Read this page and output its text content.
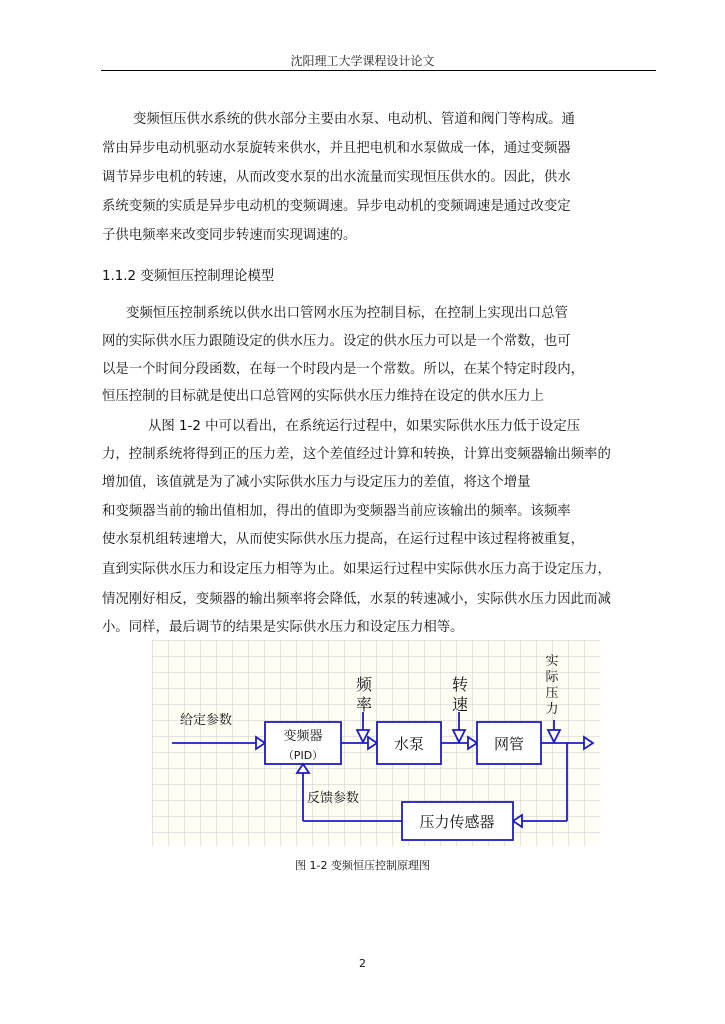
沈阳理工大学课程设计论文
变频恒压供水系统的供水部分主要由水泵、电动机、管道和阀门等构成。通
常由异步电动机驱动水泵旋转来供水，并且把电机和水泵做成一体，通过变频器
调节异步电机的转速，从而改变水泵的出水流量而实现恒压供水的。因此，供水
系统变频的实质是异步电动机的变频调速。异步电动机的变频调速是通过改变定
子供电频率来改变同步转速而实现调速的。
1.1.2 变频恒压控制理论模型
变频恒压控制系统以供水出口管网水压为控制目标，在控制上实现出口总管
网的实际供水压力跟随设定的供水压力。设定的供水压力可以是一个常数，也可
以是一个时间分段函数，在每一个时段内是一个常数。所以，在某个特定时段内，
恒压控制的目标就是使出口总管网的实际供水压力维持在设定的供水压力上
从图 1-2 中可以看出，在系统运行过程中，如果实际供水压力低于设定压
力，控制系统将得到正的压力差，这个差值经过计算和转换，计算出变频器输出频率的
增加值，该值就是为了减小实际供水压力与设定压力的差值，将这个增量
和变频器当前的输出值相加，得出的值即为变频器当前应该输出的频率。该频率
使水泵机组转速增大，从而使实际供水压力提高，在运行过程中该过程将被重复，
直到实际供水压力和设定压力相等为止。如果运行过程中实际供水压力高于设定压力，
情况刚好相反，变频器的输出频率将会降低，水泵的转速减小，实际供水压力因此而减
小。同样，最后调节的结果是实际供水压力和设定压力相等。
给定参数
变频器
（PID）
水泵	网管
压力传感器
反馈参数
频
率
转
速
实
际
压
力
图 1-2 变频恒压控制原理图
2
